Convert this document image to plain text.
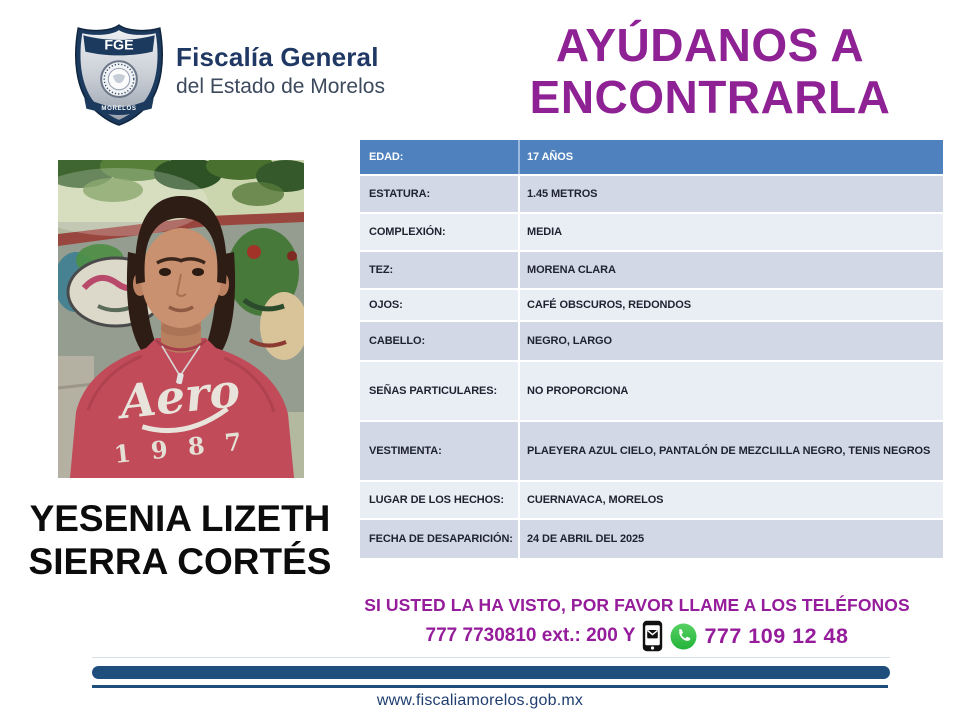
FGE
MORELOS
Fiscalía General
del Estado de Morelos
AYÚDANOS A
ENCONTRARLA
Aero
1 9 8 7
YESENIA LIZETH
SIERRA CORTÉS
EDAD:	17 AÑOS
ESTATURA:	1.45 METROS
COMPLEXIÓN:	MEDIA
TEZ:	MORENA CLARA
OJOS:	CAFÉ OBSCUROS, REDONDOS
CABELLO:	NEGRO, LARGO
SEÑAS PARTICULARES:	NO PROPORCIONA
VESTIMENTA:	PLAEYERA AZUL CIELO, PANTALÓN DE MEZCLILLA NEGRO, TENIS NEGROS
LUGAR DE LOS HECHOS:	CUERNAVACA, MORELOS
FECHA DE DESAPARICIÓN:	24 DE ABRIL DEL 2025
SI USTED LA HA VISTO, POR FAVOR LLAME A LOS TELÉFONOS
777 7730810 ext.: 200 Y	777 109 12 48
www.fiscaliamorelos.gob.mx
